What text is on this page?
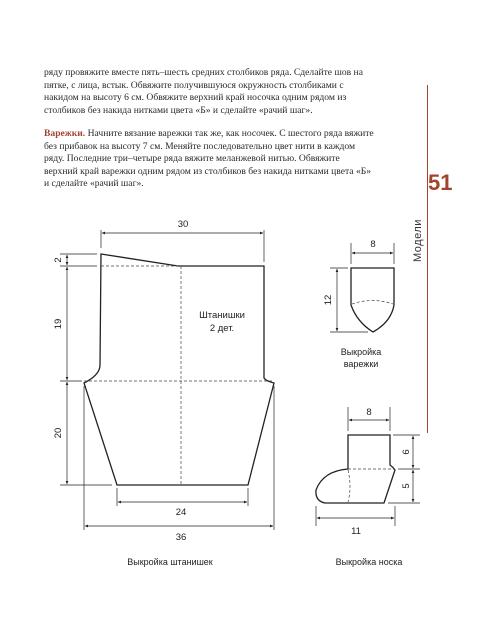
ряду провяжите вместе пять–шесть средних столбиков ряда. Сделайте шов на пятке, с лица, встык. Обвяжите получившуюся окружность столбиками с накидом на высоту 6 см. Обвяжите верхний край носочка одним рядом из столбиков без накида нитками цвета «Б» и сделайте «рачий шаг».

Варежки. Начните вязание варежки так же, как носочек. С шестого ряда вяжите без прибавок на высоту 7 см. Меняйте последовательно цвет нити в каждом ряду. Последние три–четыре ряда вяжите меланжевой нитью. Обвяжите верхний край варежки одним рядом из столбиков без накида нитками цвета «Б» и сделайте «рачий шаг».	51
Модели
Штанишки
2 дет.
30
2
19
20
24
36
Выкройка штанишек
8
12
Выкройка
варежки
8
6
5
11
Выкройка носка
